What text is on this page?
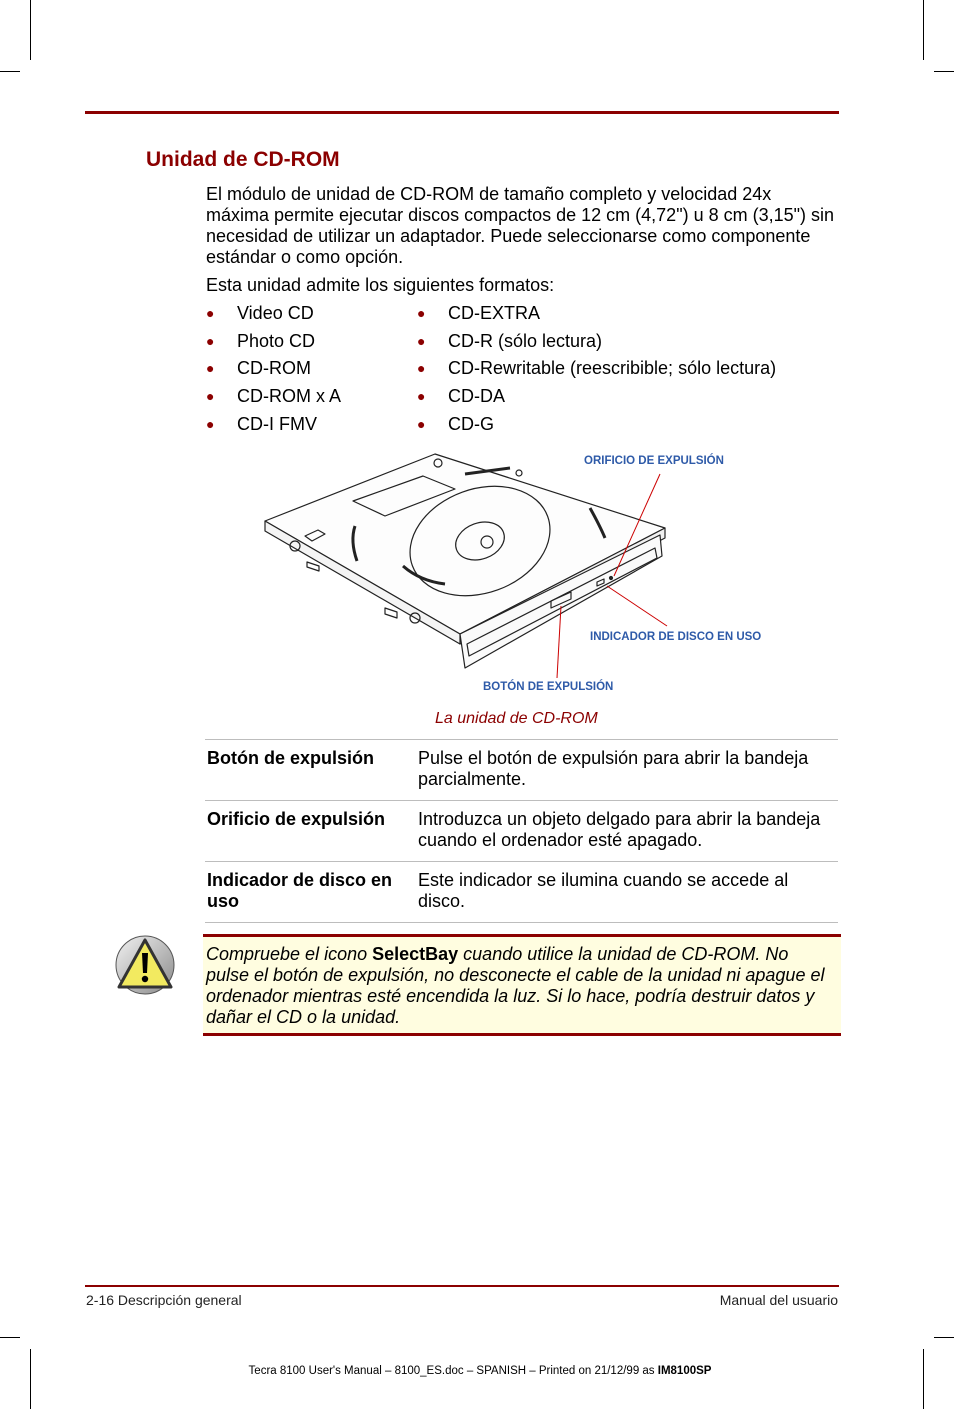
Unidad de CD-ROM

El módulo de unidad de CD-ROM de tamaño completo y velocidad 24x máxima permite ejecutar discos compactos de 12 cm (4,72") u 8 cm (3,15") sin necesidad de utilizar un adaptador. Puede seleccionarse como componente estándar o como opción.

Esta unidad admite los siguientes formatos:

●	Video CD
●	Photo CD
●	CD-ROM
●	CD-ROM x A
●	CD-I FMV
●	CD-EXTRA
●	CD-R (sólo lectura)
●	CD-Rewritable (reescribible; sólo lectura)
●	CD-DA
●	CD-G
ORIFICIO DE EXPULSIÓN
INDICADOR DE DISCO EN USO
BOTÓN DE EXPULSIÓN
La unidad de CD-ROM
Botón de expulsión	Pulse el botón de expulsión para abrir la bandeja parcialmente.
Orificio de expulsión	Introduzca un objeto delgado para abrir la bandeja cuando el ordenador esté apagado.
Indicador de disco en uso	Este indicador se ilumina cuando se accede al disco.

Compruebe el icono SelectBay cuando utilice la unidad de CD-ROM. No pulse el botón de expulsión, no desconecte el cable de la unidad ni apague el ordenador mientras esté encendida la luz. Si lo hace, podría destruir datos y dañar el CD o la unidad.

2-16 Descripción general	Manual del usuario
Tecra 8100 User's Manual – 8100_ES.doc – SPANISH – Printed on 21/12/99 as IM8100SP
